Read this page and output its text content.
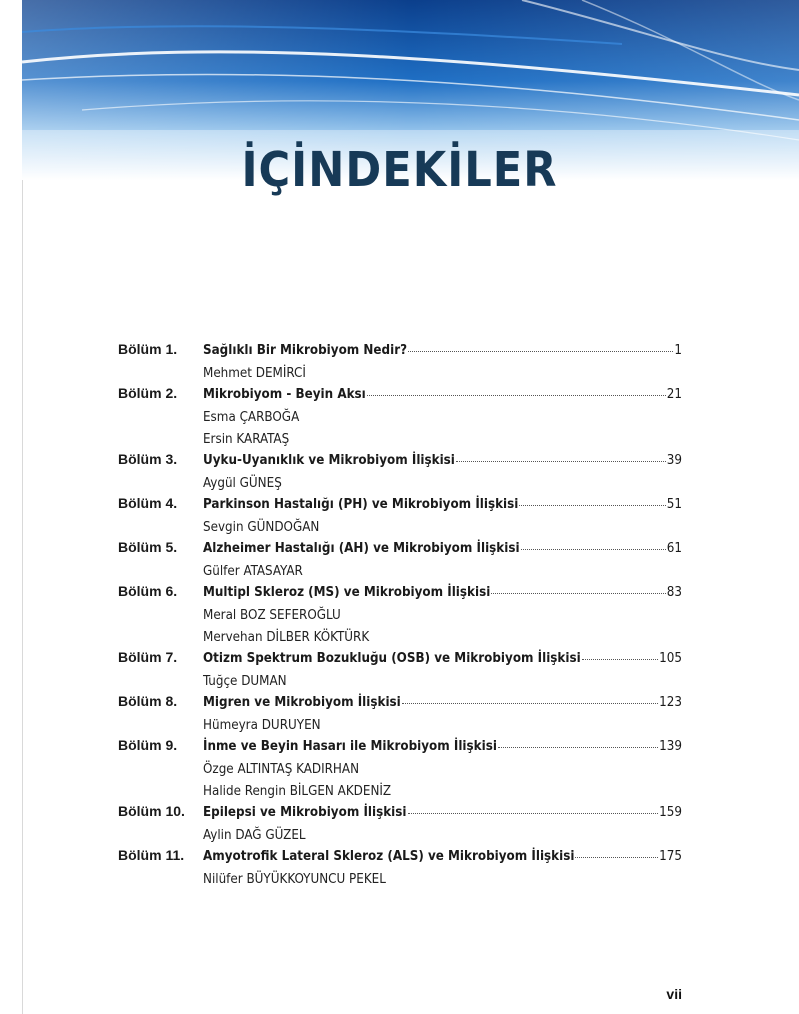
İÇİNDEKİLER
Bölüm 1.	Sağlıklı Bir Mikrobiyom Nedir?	1
Mehmet DEMİRCİ
Bölüm 2.	Mikrobiyom - Beyin Aksı	21
Esma ÇARBOĞA
Ersin KARATAŞ
Bölüm 3.	Uyku-Uyanıklık ve Mikrobiyom İlişkisi	39
Aygül GÜNEŞ
Bölüm 4.	Parkinson Hastalığı (PH) ve Mikrobiyom İlişkisi	51
Sevgin GÜNDOĞAN
Bölüm 5.	Alzheimer Hastalığı (AH) ve Mikrobiyom İlişkisi	61
Gülfer ATASAYAR
Bölüm 6.	Multipl Skleroz (MS) ve Mikrobiyom İlişkisi	83
Meral BOZ SEFEROĞLU
Mervehan DİLBER KÖKTÜRK
Bölüm 7.	Otizm Spektrum Bozukluğu (OSB) ve Mikrobiyom İlişkisi	105
Tuğçe DUMAN
Bölüm 8.	Migren ve Mikrobiyom İlişkisi	123
Hümeyra DURUYEN
Bölüm 9.	İnme ve Beyin Hasarı ile Mikrobiyom İlişkisi	139
Özge ALTINTAŞ KADIRHAN
Halide Rengin BİLGEN AKDENİZ
Bölüm 10.	Epilepsi ve Mikrobiyom İlişkisi	159
Aylin DAĞ GÜZEL
Bölüm 11.	Amyotrofik Lateral Skleroz (ALS) ve Mikrobiyom İlişkisi	175
Nilüfer BÜYÜKKOYUNCU PEKEL
vii
